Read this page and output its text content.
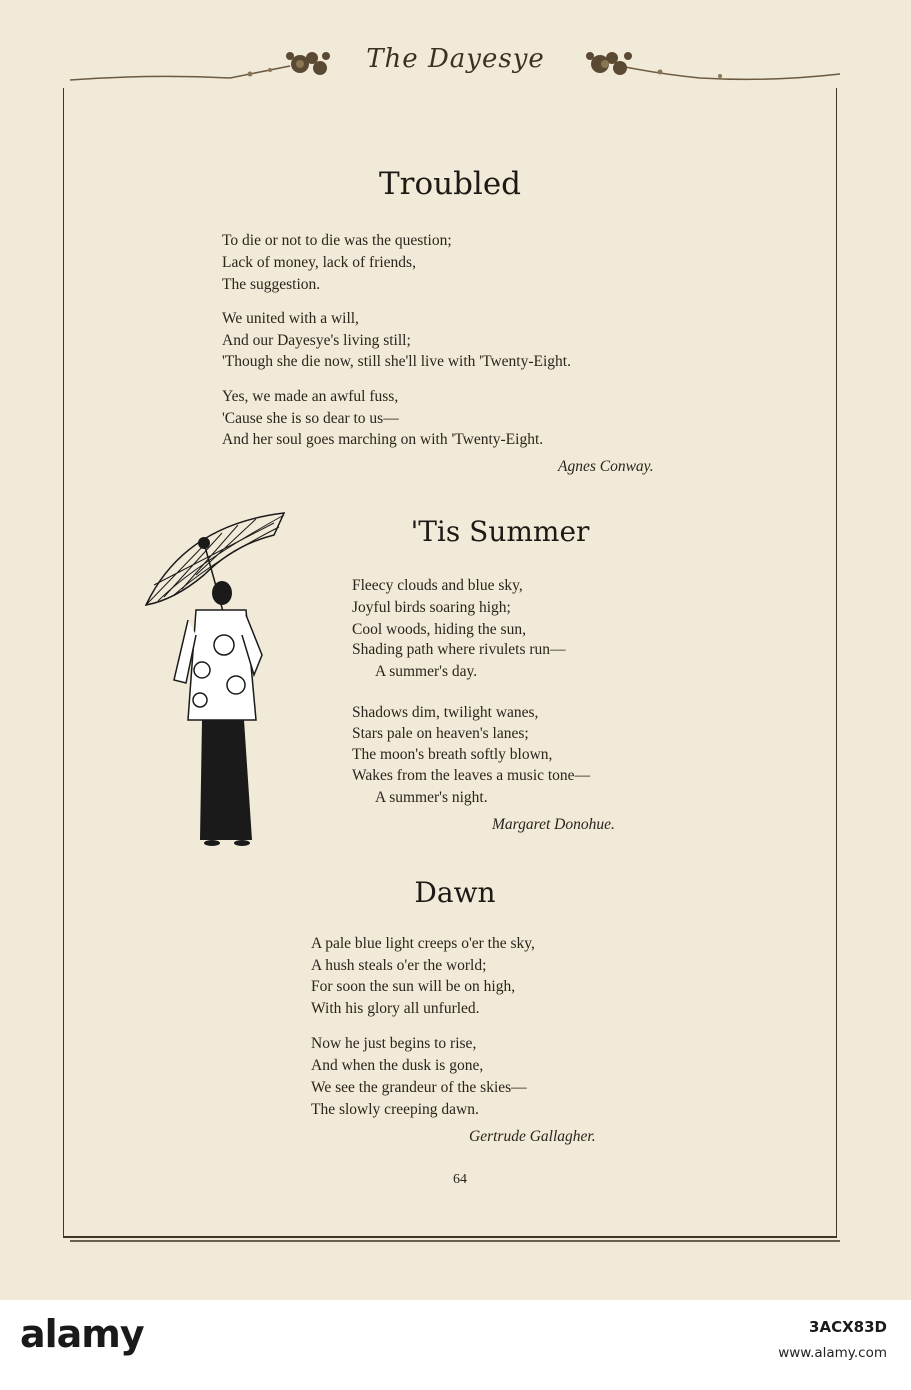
The Dayesye
Troubled
To die or not to die was the question;
Lack of money, lack of friends,
The suggestion.
We united with a will,
And our Dayesye's living still;
'Though she die now, still she'll live with 'Twenty-Eight.
Yes, we made an awful fuss,
'Cause she is so dear to us—
And her soul goes marching on with 'Twenty-Eight.
Agnes Conway.
'Tis Summer
Fleecy clouds and blue sky,
Joyful birds soaring high;
Cool woods, hiding the sun,
Shading path where rivulets run—
A summer's day.
Shadows dim, twilight wanes,
Stars pale on heaven's lanes;
The moon's breath softly blown,
Wakes from the leaves a music tone—
A summer's night.
Margaret Donohue.
Dawn
A pale blue light creeps o'er the sky,
A hush steals o'er the world;
For soon the sun will be on high,
With his glory all unfurled.
Now he just begins to rise,
And when the dusk is gone,
We see the grandeur of the skies—
The slowly creeping dawn.
Gertrude Gallagher.
64
alamy	3ACX83D
www.alamy.com
